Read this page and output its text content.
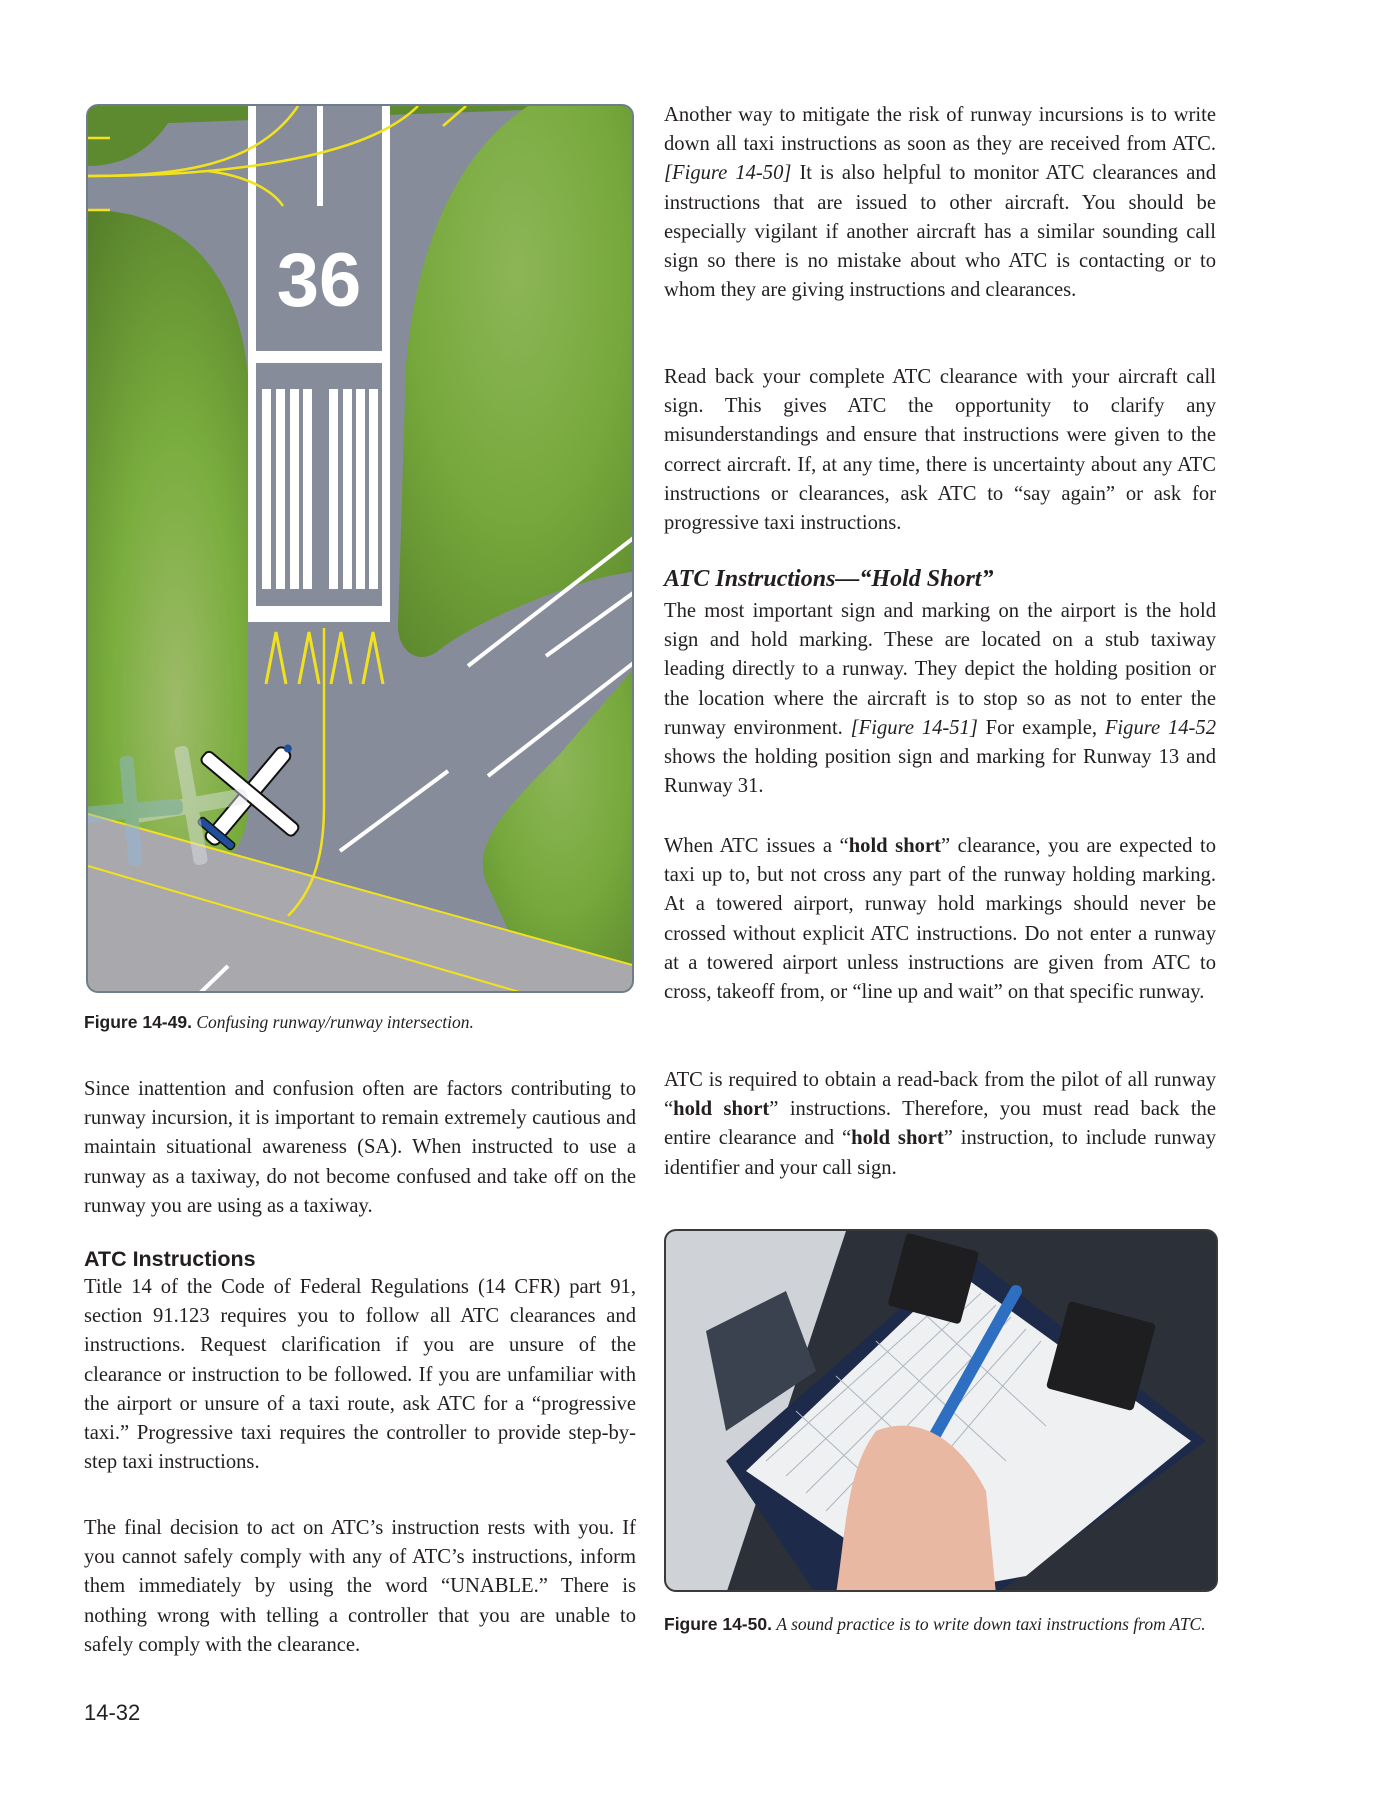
36
Figure 14-49. Confusing runway/runway intersection.

Since inattention and confusion often are factors contributing to runway incursion, it is important to remain extremely cautious and maintain situational awareness (SA). When instructed to use a runway as a taxiway, do not become confused and take off on the runway you are using as a taxiway.

ATC Instructions

Title 14 of the Code of Federal Regulations (14 CFR) part 91, section 91.123 requires you to follow all ATC clearances and instructions. Request clarification if you are unsure of the clearance or instruction to be followed. If you are unfamiliar with the airport or unsure of a taxi route, ask ATC for a “progressive taxi.” Progressive taxi requires the controller to provide step-by-step taxi instructions.

The final decision to act on ATC’s instruction rests with you. If you cannot safely comply with any of ATC’s instructions, inform them immediately by using the word “UNABLE.” There is nothing wrong with telling a controller that you are unable to safely comply with the clearance.

Another way to mitigate the risk of runway incursions is to write down all taxi instructions as soon as they are received from ATC. [Figure 14-50] It is also helpful to monitor ATC clearances and instructions that are issued to other aircraft. You should be especially vigilant if another aircraft has a similar sounding call sign so there is no mistake about who ATC is contacting or to whom they are giving instructions and clearances.

Read back your complete ATC clearance with your aircraft call sign. This gives ATC the opportunity to clarify any misunderstandings and ensure that instructions were given to the correct aircraft. If, at any time, there is uncertainty about any ATC instructions or clearances, ask ATC to “say again” or ask for progressive taxi instructions.

ATC Instructions—“Hold Short”

The most important sign and marking on the airport is the hold sign and hold marking. These are located on a stub taxiway leading directly to a runway. They depict the holding position or the location where the aircraft is to stop so as not to enter the runway environment. [Figure 14-51] For example, Figure 14-52 shows the holding position sign and marking for Runway 13 and Runway 31.

When ATC issues a “hold short” clearance, you are expected to taxi up to, but not cross any part of the runway holding marking. At a towered airport, runway hold markings should never be crossed without explicit ATC instructions. Do not enter a runway at a towered airport unless instructions are given from ATC to cross, takeoff from, or “line up and wait” on that specific runway.

ATC is required to obtain a read-back from the pilot of all runway “hold short” instructions. Therefore, you must read back the entire clearance and “hold short” instruction, to include runway identifier and your call sign.

Figure 14-50. A sound practice is to write down taxi instructions from ATC.
14-32
